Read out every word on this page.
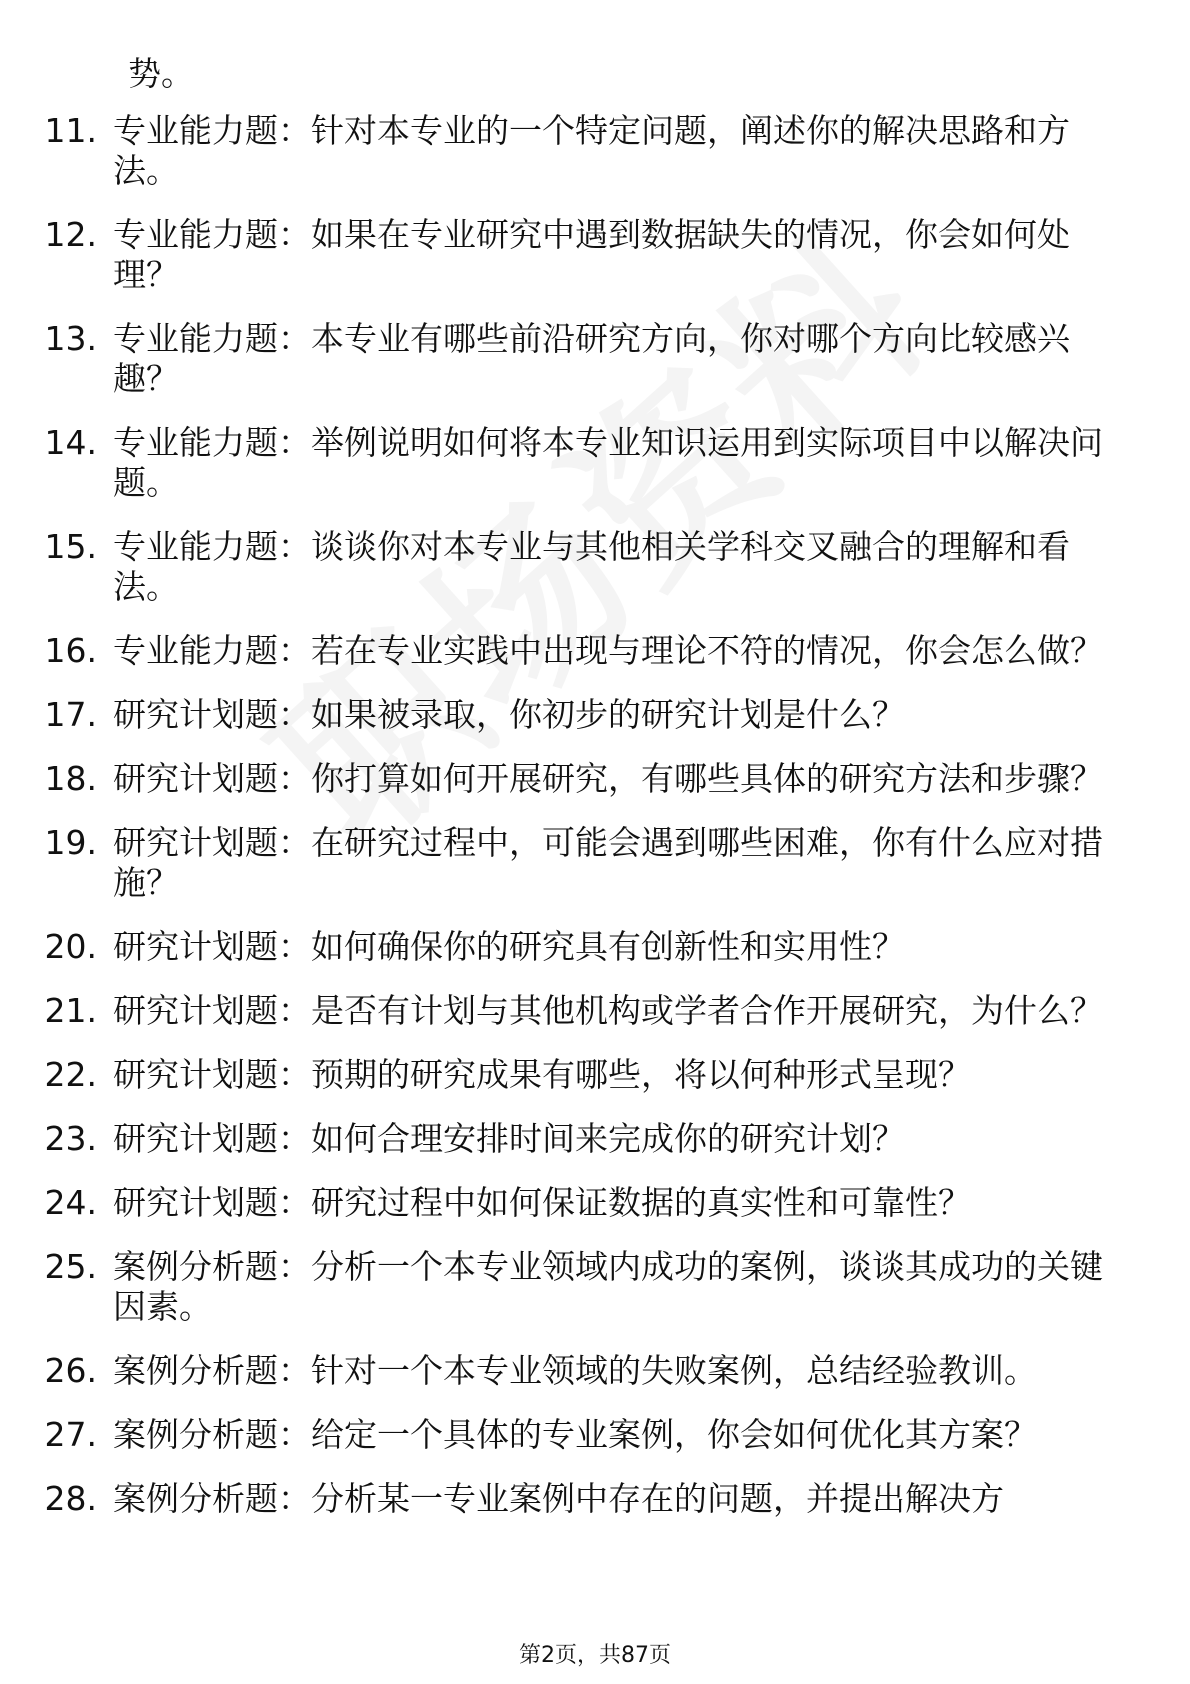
势。
11. 专业能力题：针对本专业的一个特定问题，阐述你的解决思路和方法。
12. 专业能力题：如果在专业研究中遇到数据缺失的情况，你会如何处理？
13. 专业能力题：本专业有哪些前沿研究方向，你对哪个方向比较感兴趣？
14. 专业能力题：举例说明如何将本专业知识运用到实际项目中以解决问题。
15. 专业能力题：谈谈你对本专业与其他相关学科交叉融合的理解和看法。
16. 专业能力题：若在专业实践中出现与理论不符的情况，你会怎么做？
17. 研究计划题：如果被录取，你初步的研究计划是什么？
18. 研究计划题：你打算如何开展研究，有哪些具体的研究方法和步骤？
19. 研究计划题：在研究过程中，可能会遇到哪些困难，你有什么应对措施？
20. 研究计划题：如何确保你的研究具有创新性和实用性？
21. 研究计划题：是否有计划与其他机构或学者合作开展研究，为什么？
22. 研究计划题：预期的研究成果有哪些，将以何种形式呈现？
23. 研究计划题：如何合理安排时间来完成你的研究计划？
24. 研究计划题：研究过程中如何保证数据的真实性和可靠性？
25. 案例分析题：分析一个本专业领域内成功的案例，谈谈其成功的关键因素。
26. 案例分析题：针对一个本专业领域的失败案例，总结经验教训。
27. 案例分析题：给定一个具体的专业案例，你会如何优化其方案？
28. 案例分析题：分析某一专业案例中存在的问题，并提出解决方
第2页，共87页
